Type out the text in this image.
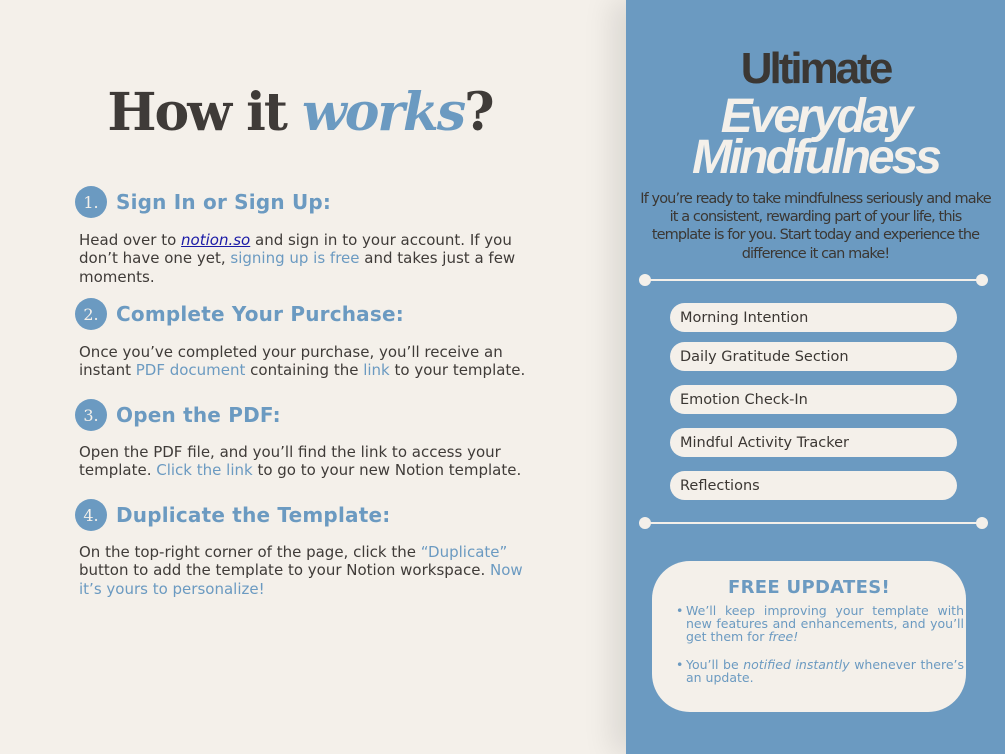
How it works?
1. Sign In or Sign Up:

Head over to notion.so and sign in to your account. If you don’t have one yet, signing up is free and takes just a few moments.

2. Complete Your Purchase:

Once you’ve completed your purchase, you’ll receive an instant PDF document containing the link to your template.

3. Open the PDF:

Open the PDF file, and you’ll find the link to access your template. Click the link to go to your new Notion template.

4. Duplicate the Template:

On the top-right corner of the page, click the “Duplicate” button to add the template to your Notion workspace. Now it’s yours to personalize!

Ultimate
Everyday
Mindfulness

If you’re ready to take mindfulness seriously and make it a consistent, rewarding part of your life, this template is for you. Start today and experience the difference it can make!

Morning Intention
Daily Gratitude Section
Emotion Check-In
Mindful Activity Tracker
Reflections
FREE UPDATES!
• We’ll keep improving your template with new features and enhancements, and you’ll get them for free!
• You’ll be notified instantly whenever there’s an update.
